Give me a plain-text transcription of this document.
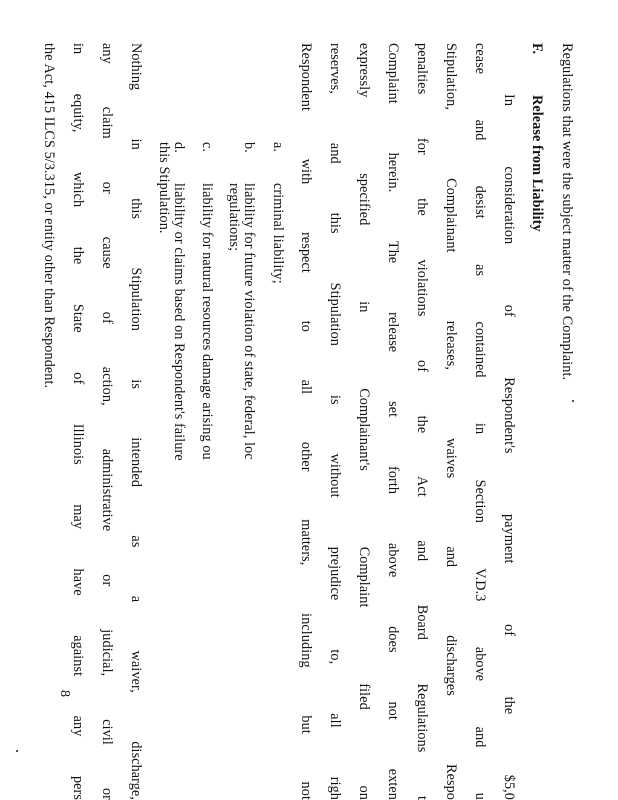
Regulations that were the subject matter of the Complaint.
F.
Release from Liability
In consideration of Respondent's payment of the $5,0
cease and desist as contained in Section V.D.3 above and u
Stipulation, Complainant releases, waives and discharges Respo
penalties for the violations of the Act and Board Regulations t
Complaint herein. The release set forth above does not exten
expressly specified in Complainant's Complaint filed on
reserves, and this Stipulation is without prejudice to, all righ
Respondent with respect to all other matters, including but not
a.
criminal liability;
b.
liability for future violation of state, federal, loc
regulations;
c.
liability for natural resources damage arising ou
d.
liability or claims based on Respondent's failure
this Stipulation.
Nothing in this Stipulation is intended as a waiver, discharge,
any claim or cause of action, administrative or judicial, civil or
in equity, which the State of Illinois may have against any pers
the Act, 415 ILCS 5/3.315, or entity other than Respondent.
8
